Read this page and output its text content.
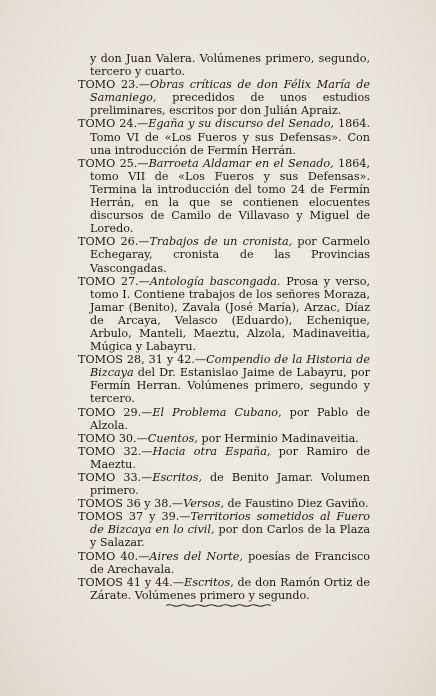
y don Juan Valera. Volúmenes primero, segundo, tercero y cuarto.

TOMO 23.—Obras críticas de don Félix María de Samaniego, precedidos de unos estudios preliminares, escritos por don Julián Apraiz.

TOMO 24.—Egaña y su discurso del Senado, 1864. Tomo VI de «Los Fueros y sus Defensas». Con una introducción de Fermín Herrán.

TOMO 25.—Barroeta Aldamar en el Senado, 1864, tomo VII de «Los Fueros y sus Defensas». Termina la introducción del tomo 24 de Fermín Herrán, en la que se contienen elocuentes discursos de Camilo de Villavaso y Miguel de Loredo.

TOMO 26.—Trabajos de un cronista, por Carmelo Echegaray, cronista de las Provincias Vascongadas.

TOMO 27.—Antología bascongada. Prosa y verso, tomo I. Contiene trabajos de los señores Moraza, Jamar (Benito), Zavala (José María), Arzac, Díaz de Arcaya, Velasco (Eduardo), Echenique, Arbulo, Manteli, Maeztu, Alzola, Madinaveitia, Múgica y Labayru.

TOMOS 28, 31 y 42.—Compendio de la Historia de Bizcaya del Dr. Estanislao Jaime de Labayru, por Fermín Herran. Volúmenes primero, segundo y tercero.

TOMO 29.—El Problema Cubano, por Pablo de Alzola.

TOMO 30.—Cuentos, por Herminio Madinaveitia.

TOMO 32.—Hacia otra España, por Ramiro de Maeztu.

TOMO 33.—Escritos, de Benito Jamar. Volumen primero.

TOMOS 36 y 38.—Versos, de Faustino Diez Gaviño.

TOMOS 37 y 39.—Territorios sometidos al Fuero de Bizcaya en lo civil, por don Carlos de la Plaza y Salazar.

TOMO 40.—Aires del Norte, poesías de Francisco de Arechavala.

TOMOS 41 y 44.—Escritos, de don Ramón Ortiz de Zárate. Volúmenes primero y segundo.
